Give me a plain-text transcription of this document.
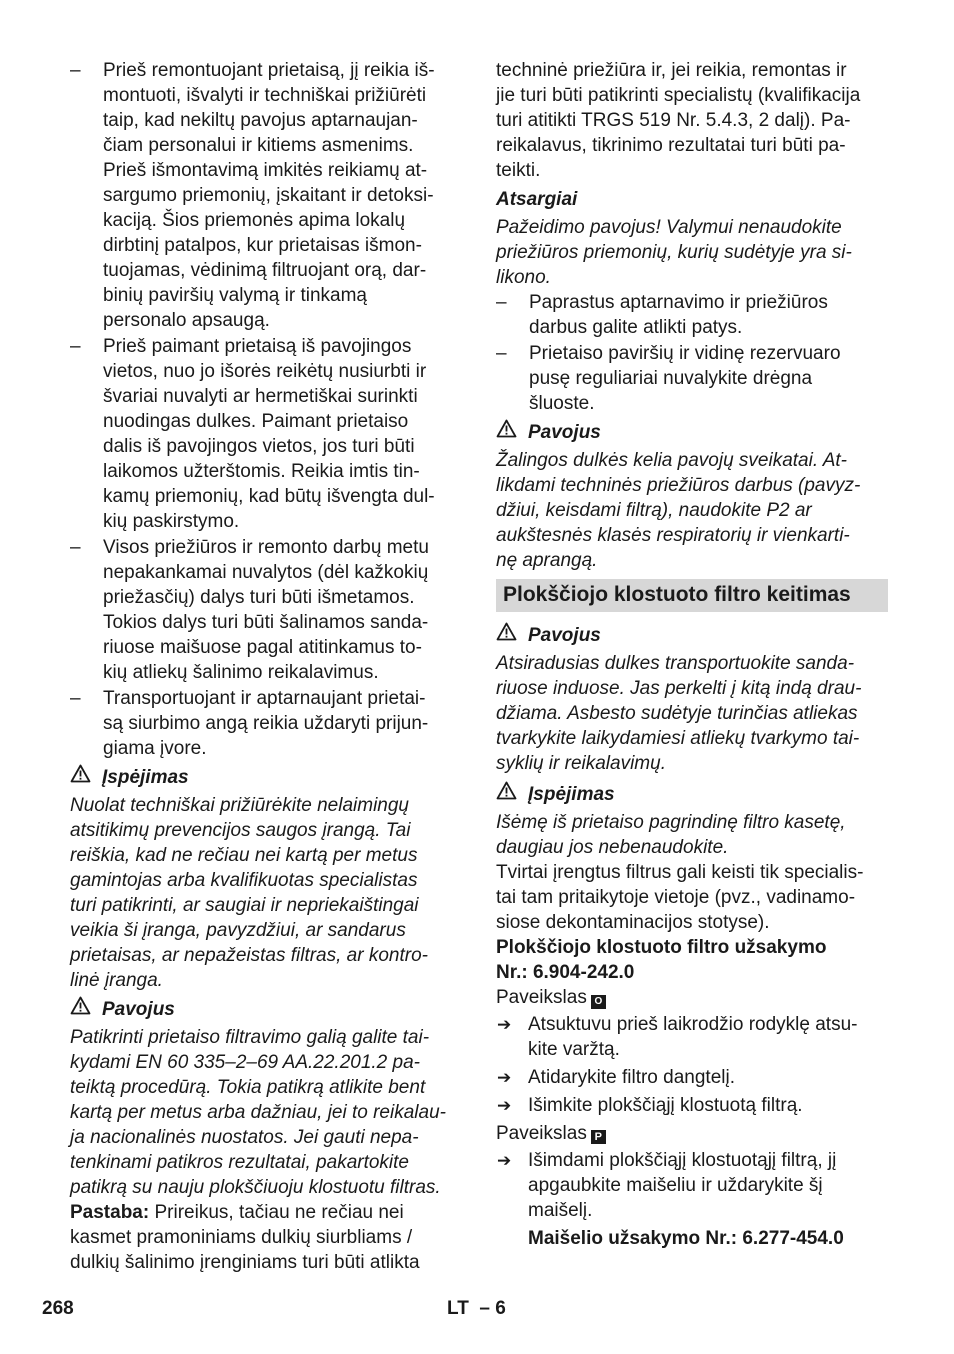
– Prieš remontuojant prietaisą, jį reikia iš-
montuoti, išvalyti ir techniškai prižiūrėti
taip, kad nekiltų pavojus aptarnaujan-
čiam personalui ir kitiems asmenims.
Prieš išmontavimą imkitės reikiamų at-
sargumo priemonių, įskaitant ir detoksi-
kaciją. Šios priemonės apima lokalų
dirbtinį patalpos, kur prietaisas išmon-
tuojamas, vėdinimą filtruojant orą, dar-
binių paviršių valymą ir tinkamą
personalo apsaugą.
– Prieš paimant prietaisą iš pavojingos
vietos, nuo jo išorės reikėtų nusiurbti ir
švariai nuvalyti ar hermetiškai surinkti
nuodingas dulkes. Paimant prietaiso
dalis iš pavojingos vietos, jos turi būti
laikomos užterštomis. Reikia imtis tin-
kamų priemonių, kad būtų išvengta dul-
kių paskirstymo.
– Visos priežiūros ir remonto darbų metu
nepakankamai nuvalytos (dėl kažkokių
priežasčių) dalys turi būti išmetamos.
Tokios dalys turi būti šalinamos sanda-
riuose maišuose pagal atitinkamus to-
kių atliekų šalinimo reikalavimus.
– Transportuojant ir aptarnaujant prietai-
są siurbimo angą reikia uždaryti prijun-
giama įvore.
Įspėjimas

Nuolat techniškai prižiūrėkite nelaimingų
atsitikimų prevencijos saugos įrangą. Tai
reiškia, kad ne rečiau nei kartą per metus
gamintojas arba kvalifikuotas specialistas
turi patikrinti, ar saugiai ir nepriekaištingai
veikia ši įranga, pavyzdžiui, ar sandarus
prietaisas, ar nepažeistas filtras, ar kontro-
linė įranga.

Pavojus

Patikrinti prietaiso filtravimo galią galite tai-
kydami EN 60 335–2–69 AA.22.201.2 pa-
teiktą procedūrą. Tokia patikrą atlikite bent
kartą per metus arba dažniau, jei to reikalau-
ja nacionalinės nuostatos. Jei gauti nepa-
tenkinami patikros rezultatai, pakartokite
patikrą su nauju plokščiuoju klostuotu filtras.

Pastaba: Prireikus, tačiau ne rečiau nei
kasmet pramoniniams dulkių siurbliams /
dulkių šalinimo įrenginiams turi būti atlikta

techninė priežiūra ir, jei reikia, remontas ir
jie turi būti patikrinti specialistų (kvalifikacija
turi atitikti TRGS 519 Nr. 5.4.3, 2 dalį). Pa-
reikalavus, tikrinimo rezultatai turi būti pa-
teikti.

Atsargiai

Pažeidimo pavojus! Valymui nenaudokite
priežiūros priemonių, kurių sudėtyje yra si-
likono.

– Paprastus aptarnavimo ir priežiūros
darbus galite atlikti patys.
– Prietaiso paviršių ir vidinę rezervuaro
pusę reguliariai nuvalykite drėgna
šluoste.
Pavojus

Žalingos dulkės kelia pavojų sveikatai. At-
likdami techninės priežiūros darbus (pavyz-
džiui, keisdami filtrą), naudokite P2 ar
aukštesnės klasės respiratorių ir vienkarti-
nę aprangą.

Plokščiojo klostuoto filtro keitimas
Pavojus

Atsiradusias dulkes transportuokite sanda-
riuose induose. Jas perkelti į kitą indą drau-
džiama. Asbesto sudėtyje turinčias atliekas
tvarkykite laikydamiesi atliekų tvarkymo tai-
syklių ir reikalavimų.

Įspėjimas

Išėmę iš prietaiso pagrindinę filtro kasetę,
daugiau jos nebenaudokite.

Tvirtai įrengtus filtrus gali keisti tik specialis-
tai tam pritaikytoje vietoje (pvz., vadinamo-
siose dekontaminacijos stotyse).

Plokščiojo klostuoto filtro užsakymo
Nr.: 6.904-242.0

Paveikslas O

➔ Atsuktuvu prieš laikrodžio rodyklę atsu-
kite varžtą.
➔ Atidarykite filtro dangtelį.
➔ Išimkite plokščiąjį klostuotą filtrą.

Paveikslas P

➔ Išimdami plokščiąjį klostuotąjį filtrą, jį
apgaubkite maišeliu ir uždarykite šį
maišelį.

Maišelio užsakymo Nr.: 6.277-454.0

268	LT  – 6
